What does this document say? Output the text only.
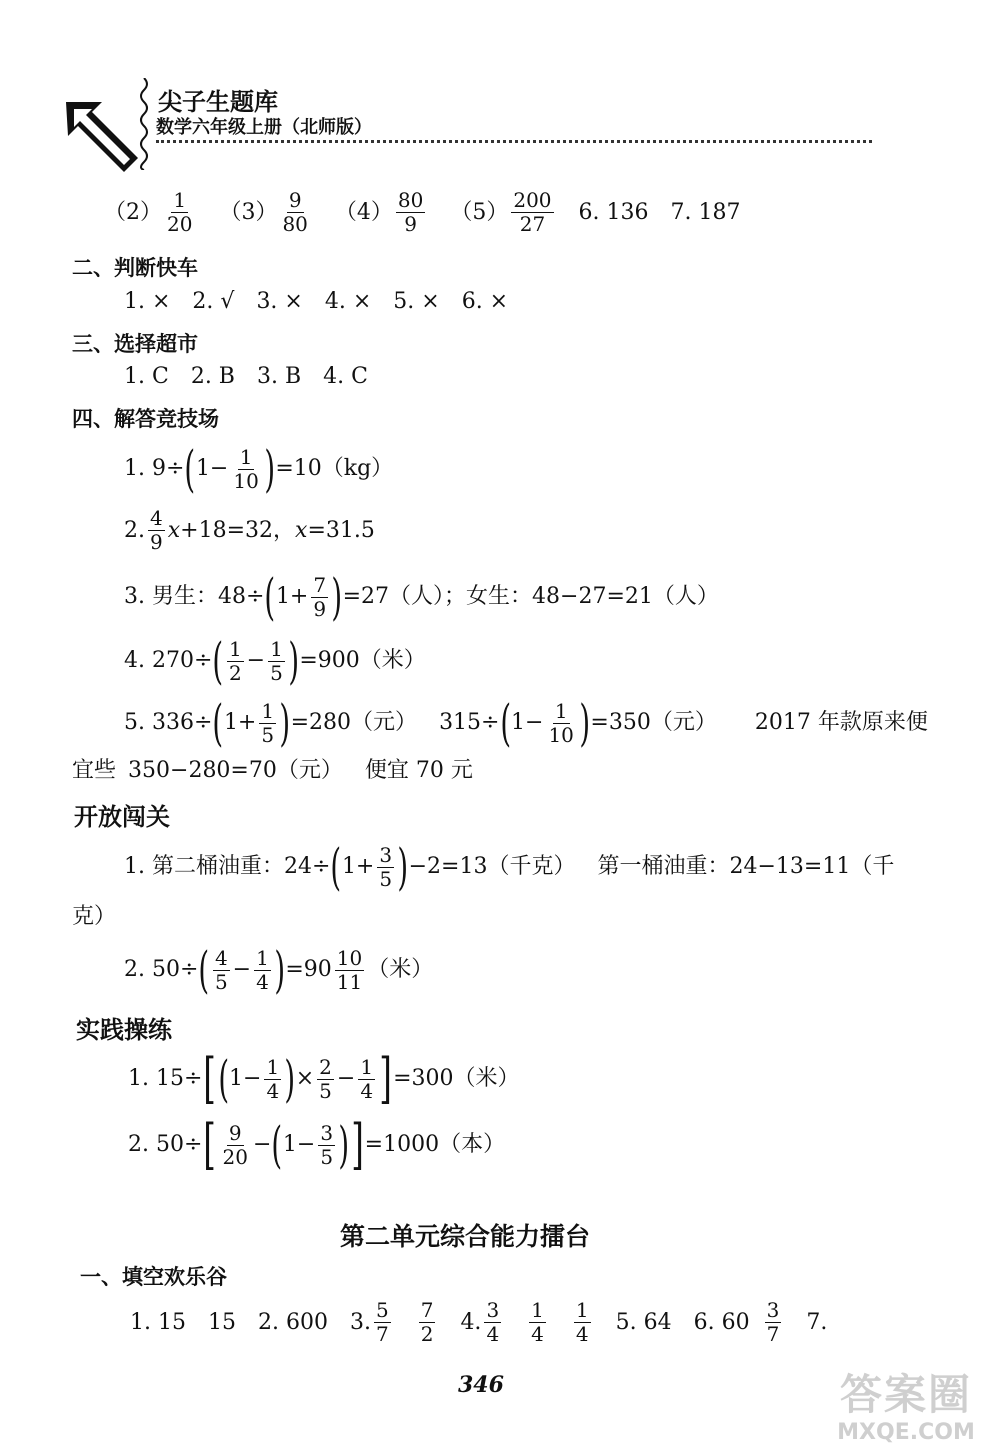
尖子生题库
数学六年级上册（北师版）
$(2) \frac{1}{20} (3) \frac{9}{80} (4) \frac{80}{9} (5) \frac{200}{27} 6$. 136 7. 187
二、判断快车
1. × 2. √ 3. × 4. × 5. × 6. ×
三、选择超市
1. C 2. B 3. B 4. C
四、解答竞技场
1. 9÷ ( $1- \frac{1}{10}$ ) =10（kg）
2. $\frac{4}{9}$ x +18=32， x =31.5
3. 男生：48÷ ( $1+ \frac{7}{9}$ ) =27（人）；女生：48−27=21（人）
4. 270÷ ( $\frac{1}{2} - \frac{1}{5}$ ) =900（米）
5. 336÷ ( $1+ \frac{1}{5}$ ) =280（元） 315÷ ( $1- \frac{1}{10}$ ) =350（元） 2017 年款原来便
宜些 350−280=70（元） 便宜 70 元
开放闯关
1. 第二桶油重：24÷ ( $1+ \frac{3}{5}$ ) −2=13（千克） 第一桶油重：24−13=11（千
克）
2. 50÷ ( $\frac{4}{5} - \frac{1}{4}$ ) $=90 \frac{10}{11}$ （米）
实践操练
1. 15÷ [ ( $1- \frac{1}{4}$ ) × $\frac{2}{5} - \frac{1}{4}$ ] =300（米）
2. 50÷ [ $\frac{9}{20}$ − ( $1- \frac{3}{5}$ ) ] =1000（本）
第二单元综合能力擂台
一、填空欢乐谷
1. 15 15 2. 600 3. $\frac{5}{7} \frac{7}{2} 4$. $\frac{3}{4} \frac{1}{4} \frac{1}{4} 5$. 64 6. $60 \frac{3}{7} 7$.
346	答案圈
MXQE.COM
